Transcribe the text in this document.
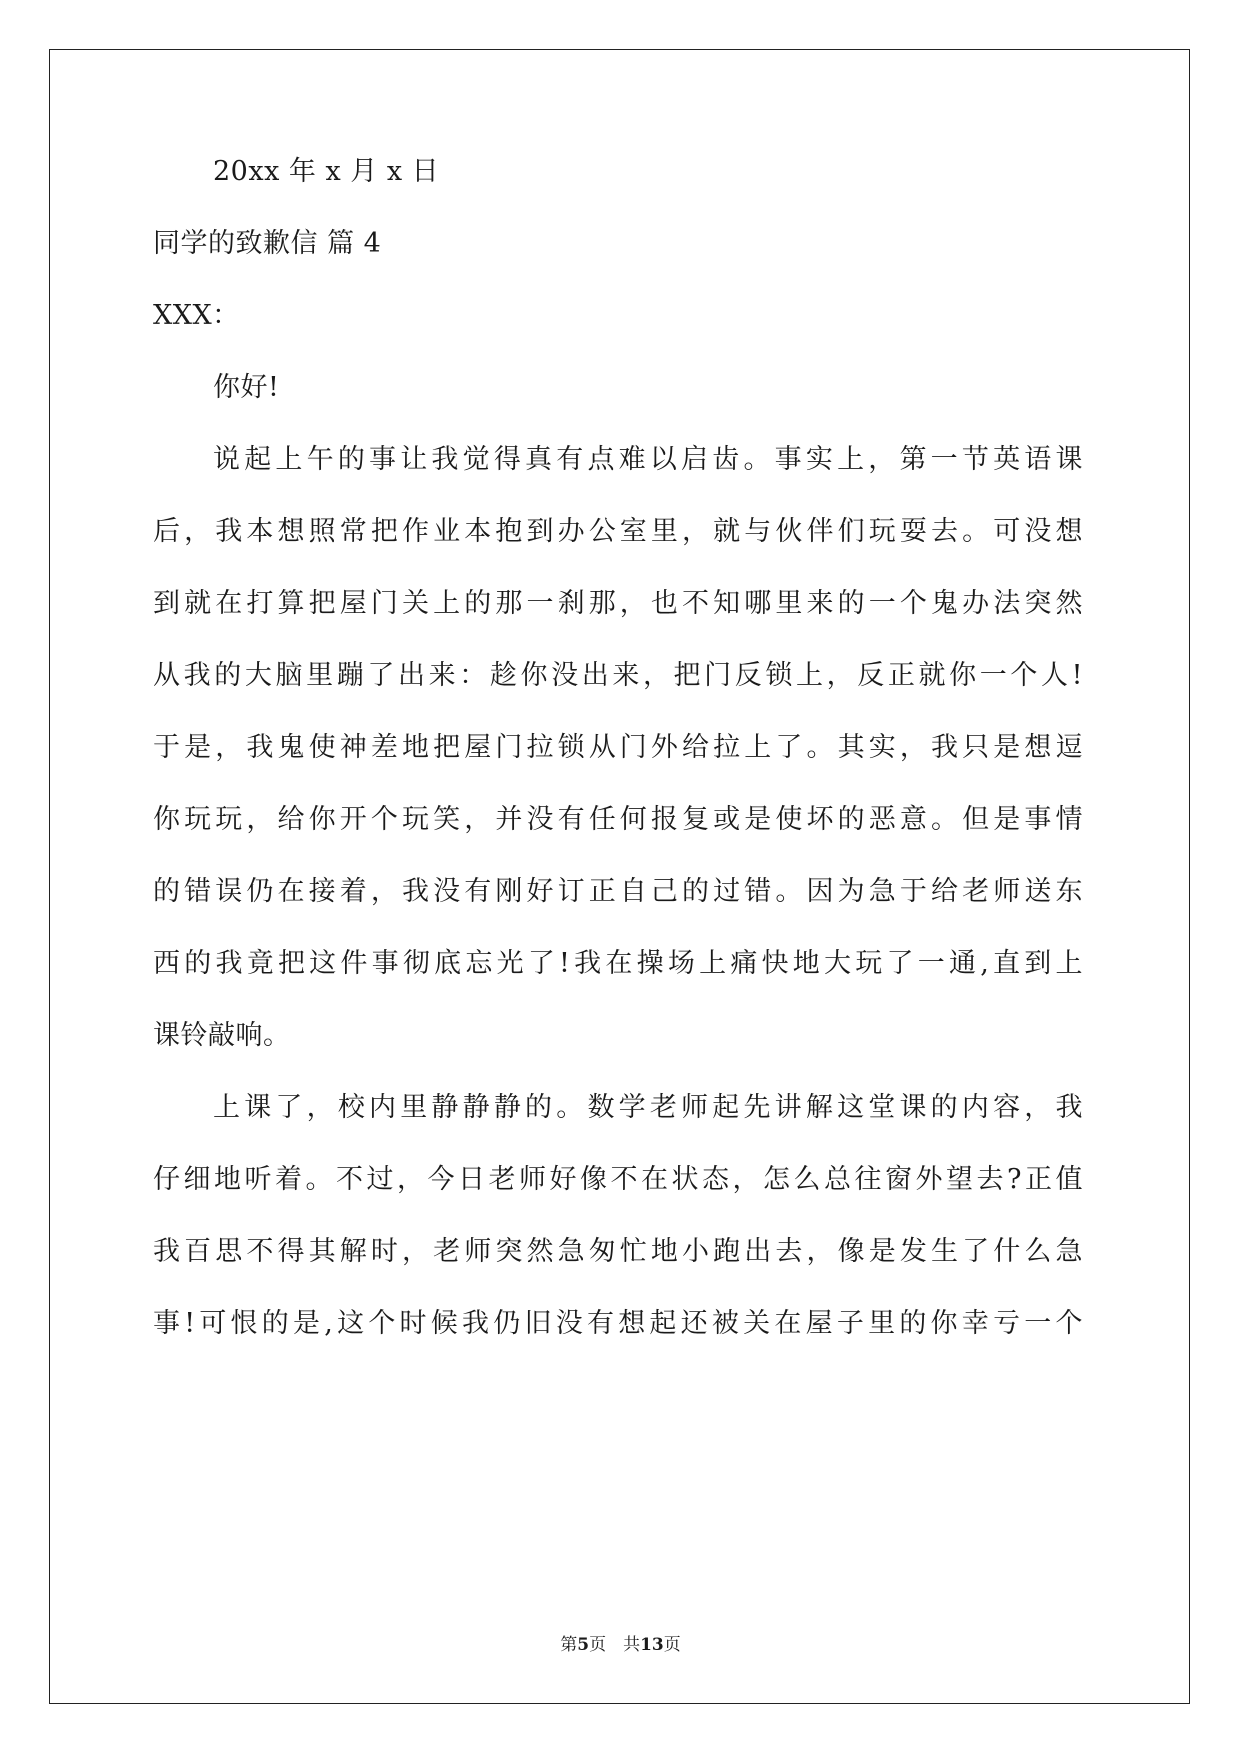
20xx 年 x 月 x 日
同学的致歉信 篇 4
XXX：
你好!
说起上午的事让我觉得真有点难以启齿。事实上，第一节英语课
后，我本想照常把作业本抱到办公室里，就与伙伴们玩耍去。可没想
到就在打算把屋门关上的那一刹那，也不知哪里来的一个鬼办法突然
从我的大脑里蹦了出来：趁你没出来，把门反锁上，反正就你一个人!
于是，我鬼使神差地把屋门拉锁从门外给拉上了。其实，我只是想逗
你玩玩，给你开个玩笑，并没有任何报复或是使坏的恶意。但是事情
的错误仍在接着，我没有刚好订正自己的过错。因为急于给老师送东
西的我竟把这件事彻底忘光了!我在操场上痛快地大玩了一通,直到上
课铃敲响。
上课了，校内里静静静的。数学老师起先讲解这堂课的内容，我
仔细地听着。不过，今日老师好像不在状态，怎么总往窗外望去?正值
我百思不得其解时，老师突然急匆忙地小跑出去，像是发生了什么急
事!可恨的是,这个时候我仍旧没有想起还被关在屋子里的你幸亏一个
第5页　共13页
